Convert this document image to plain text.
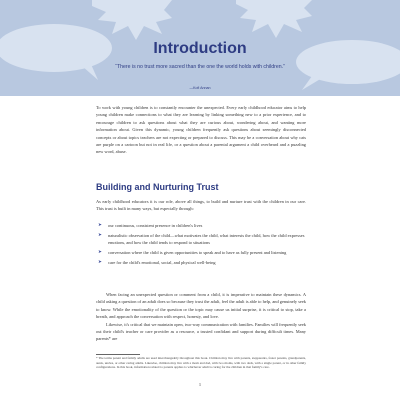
Introduction
“There is no trust more sacred than the one the world holds with children.”
—Kofi Annan
To work with young children is to constantly encounter the unexpected. Every early childhood educator aims to help young children make connections to what they are learning by linking something new to a prior experience, and to encourage children to ask questions about what they are curious about, wondering about, and wanting more information about. Given this dynamic, young children frequently ask questions about seemingly disconnected concepts or about topics teachers are not expecting or prepared to discuss. This may be a conversation about why cats are purple on a cartoon but not in real life, or a question about a parental argument a child overheard and a puzzling new word, abuse.
Building and Nurturing Trust
As early childhood educators it is our role, above all things, to build and nurture trust with the children in our care. This trust is built in many ways, but especially through:
➤ our continuous, consistent presence in children's lives
➤ naturalistic observation of the child—what motivates the child, what interests the child, how the child expresses emotions, and how the child tends to respond to situations
➤ conversation where the child is given opportunities to speak and to have as fully present and listening
➤ care for the child's emotional, social, and physical well-being

When facing an unexpected question or comment from a child, it is imperative to maintain these dynamics. A child asking a question of an adult does so because they trust the adult, feel the adult is able to help, and genuinely seek to know. While the emotionality of the question or the topic may cause us initial surprise, it is critical to stop, take a breath, and approach the conversation with respect, honesty, and love.

Likewise, it's critical that we maintain open, two-way communication with families. Families will frequently seek out their child's teacher or care provider as a resource, a trusted confidant and support during difficult times. Many parents* are

* The terms parent and family adults are used interchangeably throughout this book. Children may live with parents, stepparents, foster parents, grandparents, aunts, uncles, or other caring adults. Likewise, children may live with a mom and dad, with two moms, with two dads, with a single parent, or in other family configurations. In this book, information related to parents applies to whichever adult is caring for the children in that family's care.
1
